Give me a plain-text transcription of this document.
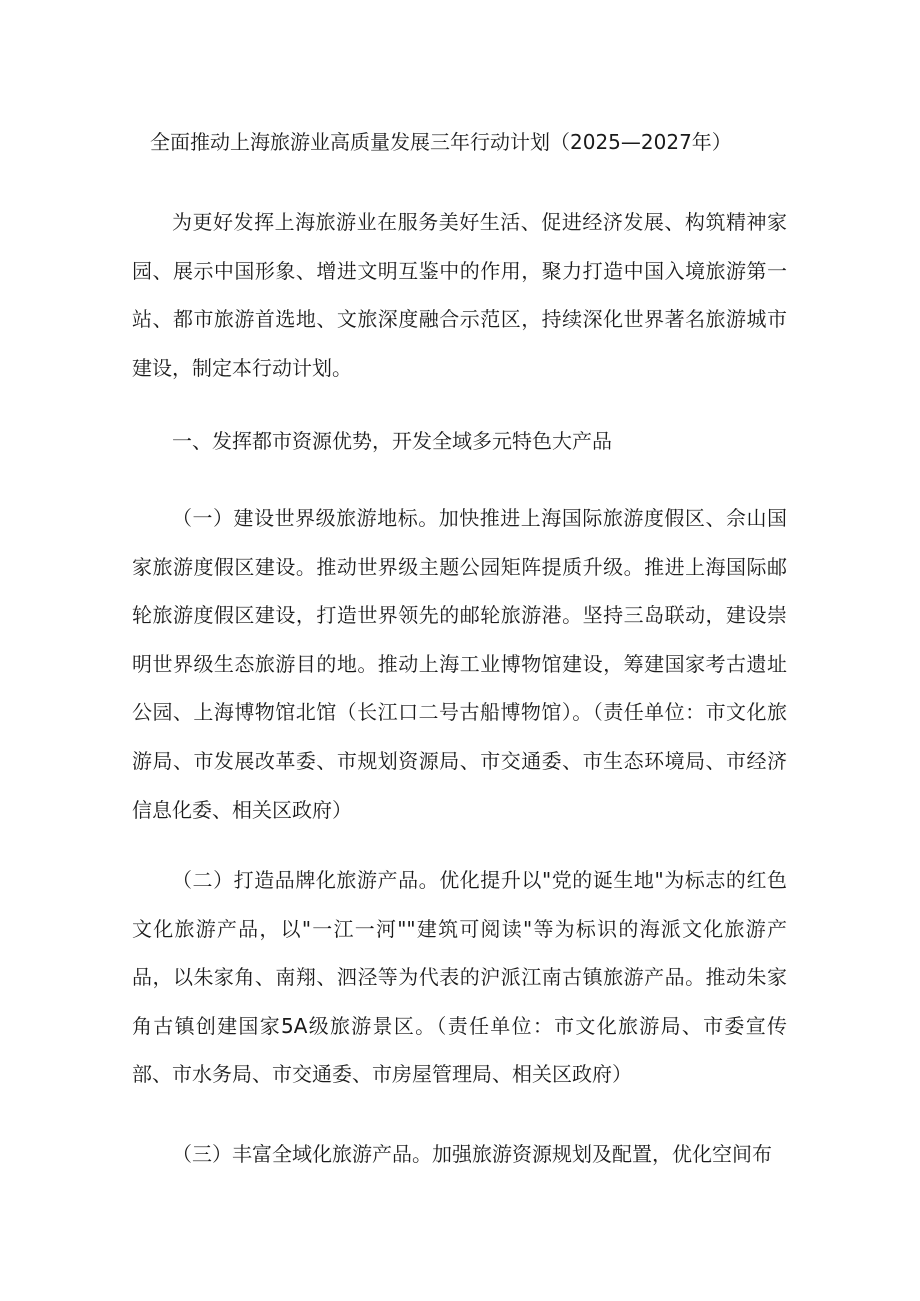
全面推动上海旅游业高质量发展三年行动计划（2025—2027年）

为更好发挥上海旅游业在服务美好生活、促进经济发展、构筑精神家园、展示中国形象、增进文明互鉴中的作用，聚力打造中国入境旅游第一站、都市旅游首选地、文旅深度融合示范区，持续深化世界著名旅游城市建设，制定本行动计划。

一、发挥都市资源优势，开发全域多元特色大产品

（一）建设世界级旅游地标。加快推进上海国际旅游度假区、佘山国家旅游度假区建设。推动世界级主题公园矩阵提质升级。推进上海国际邮轮旅游度假区建设，打造世界领先的邮轮旅游港。坚持三岛联动，建设崇明世界级生态旅游目的地。推动上海工业博物馆建设，筹建国家考古遗址公园、上海博物馆北馆（长江口二号古船博物馆）。（责任单位：市文化旅游局、市发展改革委、市规划资源局、市交通委、市生态环境局、市经济信息化委、相关区政府）

（二）打造品牌化旅游产品。优化提升以"党的诞生地"为标志的红色文化旅游产品，以"一江一河""建筑可阅读"等为标识的海派文化旅游产品，以朱家角、南翔、泗泾等为代表的沪派江南古镇旅游产品。推动朱家角古镇创建国家5A级旅游景区。（责任单位：市文化旅游局、市委宣传部、市水务局、市交通委、市房屋管理局、相关区政府）

（三）丰富全域化旅游产品。加强旅游资源规划及配置，优化空间布
